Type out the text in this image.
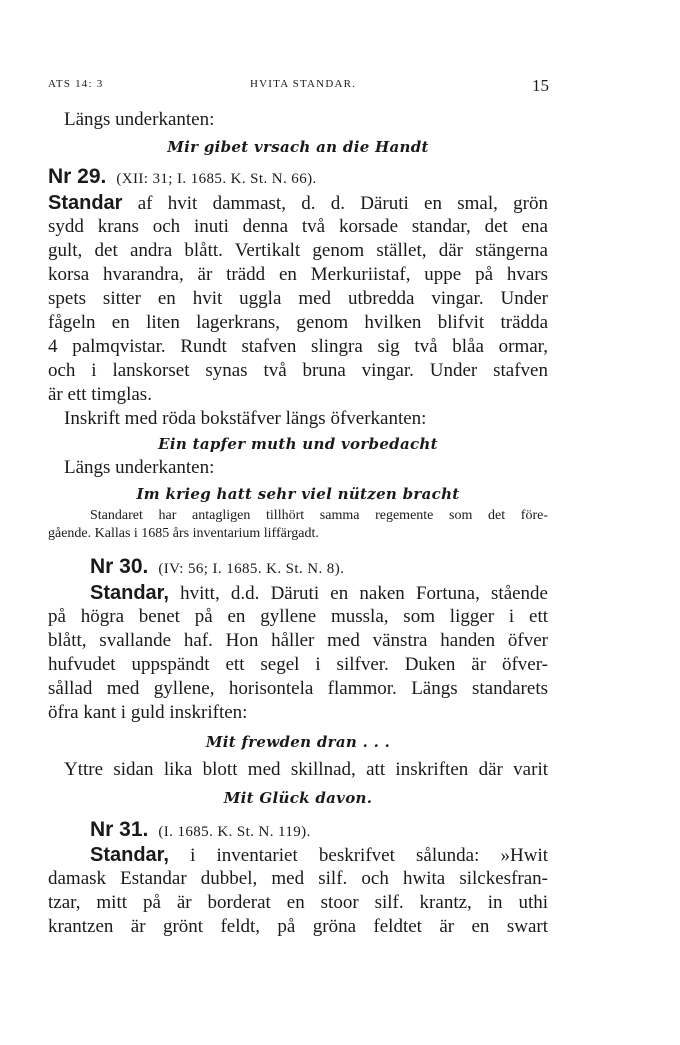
ATS 14: 3	HVITA STANDAR.	15
Längs underkanten:
Mir gibet vrsach an die Handt
Nr 29. (XII: 31; I. 1685. K. St. N. 66).
Standar af hvit dammast, d. d. Däruti en smal, grön
sydd krans och inuti denna två korsade standar, det ena
gult, det andra blått. Vertikalt genom stället, där stängerna
korsa hvarandra, är trädd en Merkuriistaf, uppe på hvars
spets sitter en hvit uggla med utbredda vingar. Under
fågeln en liten lagerkrans, genom hvilken blifvit trädda
4 palmqvistar. Rundt stafven slingra sig två blåa ormar,
och i lanskorset synas två bruna vingar. Under stafven
är ett timglas.
Inskrift med röda bokstäfver längs öfverkanten:
Ein tapfer muth und vorbedacht
Längs underkanten:
Im krieg hatt sehr viel nützen bracht
Standaret har antagligen tillhört samma regemente som det före-
gående. Kallas i 1685 års inventarium liffärgadt.
Nr 30. (IV: 56; I. 1685. K. St. N. 8).
Standar, hvitt, d.d. Däruti en naken Fortuna, stående
på högra benet på en gyllene mussla, som ligger i ett
blått, svallande haf. Hon håller med vänstra handen öfver
hufvudet uppspändt ett segel i silfver. Duken är öfver-
sållad med gyllene, horisontela flammor. Längs standarets
öfra kant i guld inskriften:
Mit frewden dran . . .
Yttre sidan lika blott med skillnad, att inskriften där varit
Mit Glück davon.
Nr 31. (I. 1685. K. St. N. 119).
Standar, i inventariet beskrifvet sålunda: »Hwit
damask Estandar dubbel, med silf. och hwita silckesfran-
tzar, mitt på är borderat en stoor silf. krantz, in uthi
krantzen är grönt feldt, på gröna feldtet är en swart
